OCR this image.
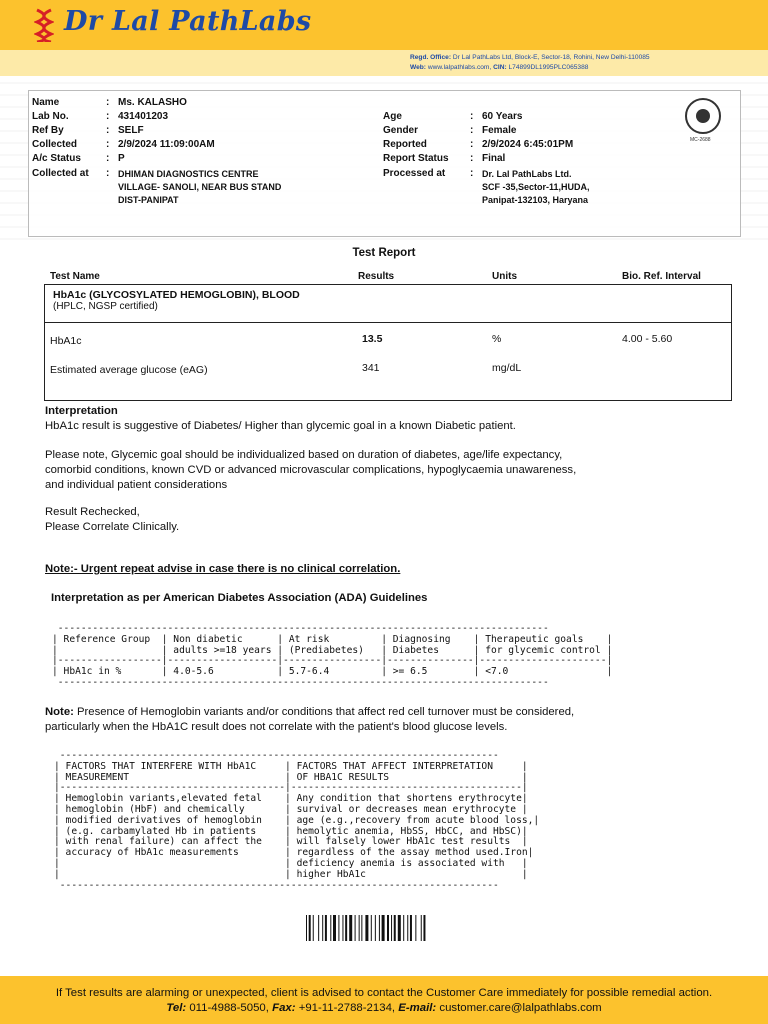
Dr Lal PathLabs
Regd. Office: Dr Lal PathLabs Ltd, Block-E, Sector-18, Rohini, New Delhi-110085
Web: www.lalpathlabs.com, CIN: L74899DL1995PLC065388
Name	: Ms. KALASHO
Lab No.	: 431401203
Ref By	: SELF
Collected	: 2/9/2024 11:09:00AM
A/c Status	: P
Collected at : DHIMAN DIAGNOSTICS CENTRE
VILLAGE- SANOLI, NEAR BUS STAND
DIST-PANIPAT
Age	: 60 Years
Gender	: Female
Reported	: 2/9/2024 6:45:01PM
Report Status : Final
Processed at : Dr. Lal PathLabs Ltd.
SCF -35,Sector-11,HUDA,
Panipat-132103, Haryana
MC-2688
Test Report
Test Name	Results	Units	Bio. Ref. Interval
HbA1c (GLYCOSYLATED HEMOGLOBIN), BLOOD
(HPLC, NGSP certified)
HbA1c	13.5	%	4.00 - 5.60
Estimated average glucose (eAG)	341	mg/dL
Interpretation
HbA1c result is suggestive of Diabetes/ Higher than glycemic goal in a known Diabetic patient.
Please note, Glycemic goal should be individualized based on duration of diabetes, age/life expectancy,
comorbid conditions, known CVD or advanced microvascular complications, hypoglycaemia unawareness,
and individual patient considerations
Result Rechecked,
Please Correlate Clinically.
Note:- Urgent repeat advise in case there is no clinical correlation.
Interpretation as per American Diabetes Association (ADA) Guidelines
-------------------------------------------------------------------------------------
| Reference Group  | Non diabetic      | At risk         | Diagnosing    | Therapeutic goals    |
|                  | adults >=18 years | (Prediabetes)   | Diabetes      | for glycemic control |
|------------------|-------------------|-----------------|---------------|----------------------|
| HbA1c in %       | 4.0-5.6           | 5.7-6.4         | >= 6.5        | <7.0                 |
-------------------------------------------------------------------------------------
Note: Presence of Hemoglobin variants and/or conditions that affect red cell turnover must be considered,
particularly when the HbA1C result does not correlate with the patient's blood glucose levels.
----------------------------------------------------------------------------
| FACTORS THAT INTERFERE WITH HbA1C     | FACTORS THAT AFFECT INTERPRETATION     |
| MEASUREMENT                           | OF HBA1C RESULTS                       |
|---------------------------------------|----------------------------------------|
| Hemoglobin variants,elevated fetal    | Any condition that shortens erythrocyte|
| hemoglobin (HbF) and chemically       | survival or decreases mean erythrocyte |
| modified derivatives of hemoglobin    | age (e.g.,recovery from acute blood loss,|
| (e.g. carbamylated Hb in patients     | hemolytic anemia, HbSS, HbCC, and HbSC)|
| with renal failure) can affect the    | will falsely lower HbA1c test results  |
| accuracy of HbA1c measurements        | regardless of the assay method used.Iron|
|                                       | deficiency anemia is associated with   |
|                                       | higher HbA1c                           |
----------------------------------------------------------------------------
If Test results are alarming or unexpected, client is advised to contact the Customer Care immediately for possible remedial action.
Tel: 011-4988-5050, Fax: +91-11-2788-2134, E-mail: customer.care@lalpathlabs.com
